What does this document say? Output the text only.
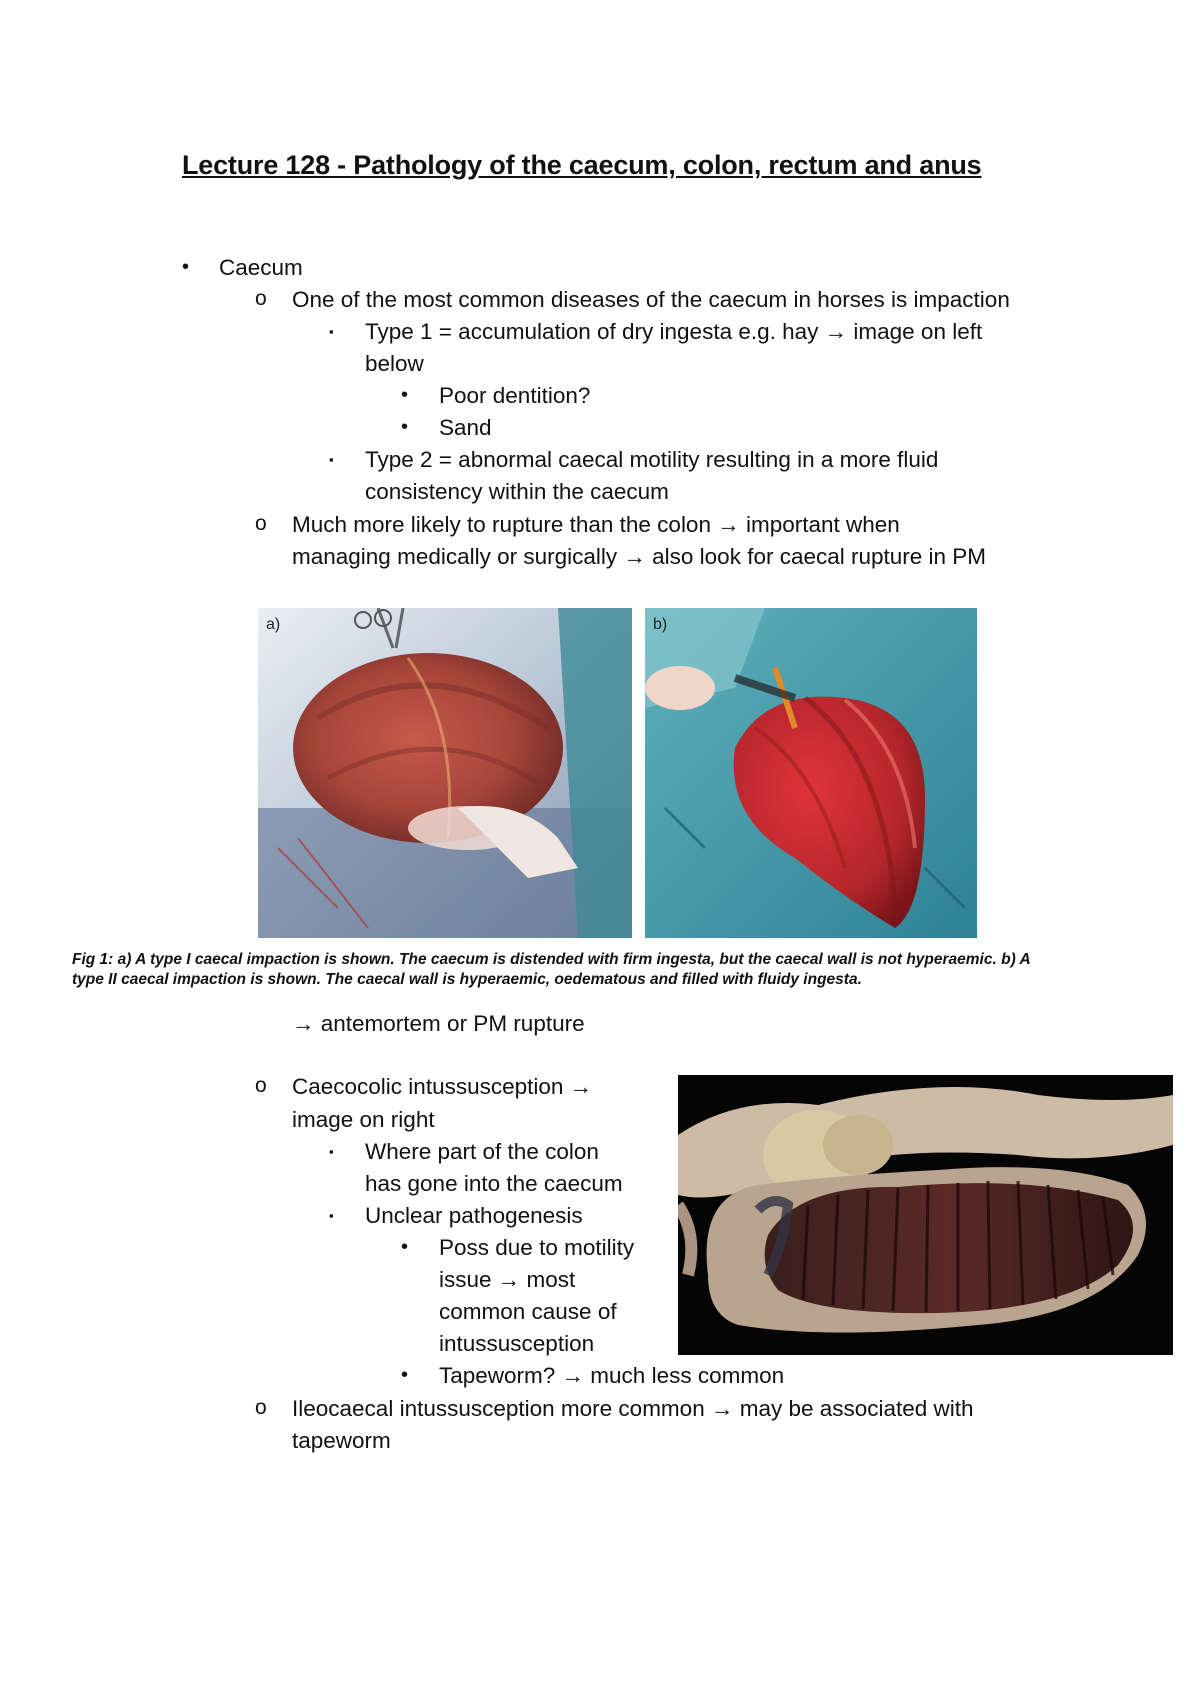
Lecture 128 - Pathology of the caecum, colon, rectum and anus
• Caecum
o One of the most common diseases of the caecum in horses is impaction
▪ Type 1 = accumulation of dry ingesta e.g. hay → image on left
below
• Poor dentition?
• Sand
▪ Type 2 = abnormal caecal motility resulting in a more fluid
consistency within the caecum
o Much more likely to rupture than the colon → important when
managing medically or surgically → also look for caecal rupture in PM
a)	b)
Fig 1: a) A type I caecal impaction is shown. The caecum is distended with firm ingesta, but the caecal wall is not hyperaemic. b) A
type II caecal impaction is shown. The caecal wall is hyperaemic, oedematous and filled with fluidy ingesta.
→ antemortem or PM rupture
o Caecocolic intussusception →
image on right
▪ Where part of the colon
has gone into the caecum
▪ Unclear pathogenesis
• Poss due to motility
issue → most
common cause of
intussusception
• Tapeworm? → much less common
o Ileocaecal intussusception more common → may be associated with
tapeworm
